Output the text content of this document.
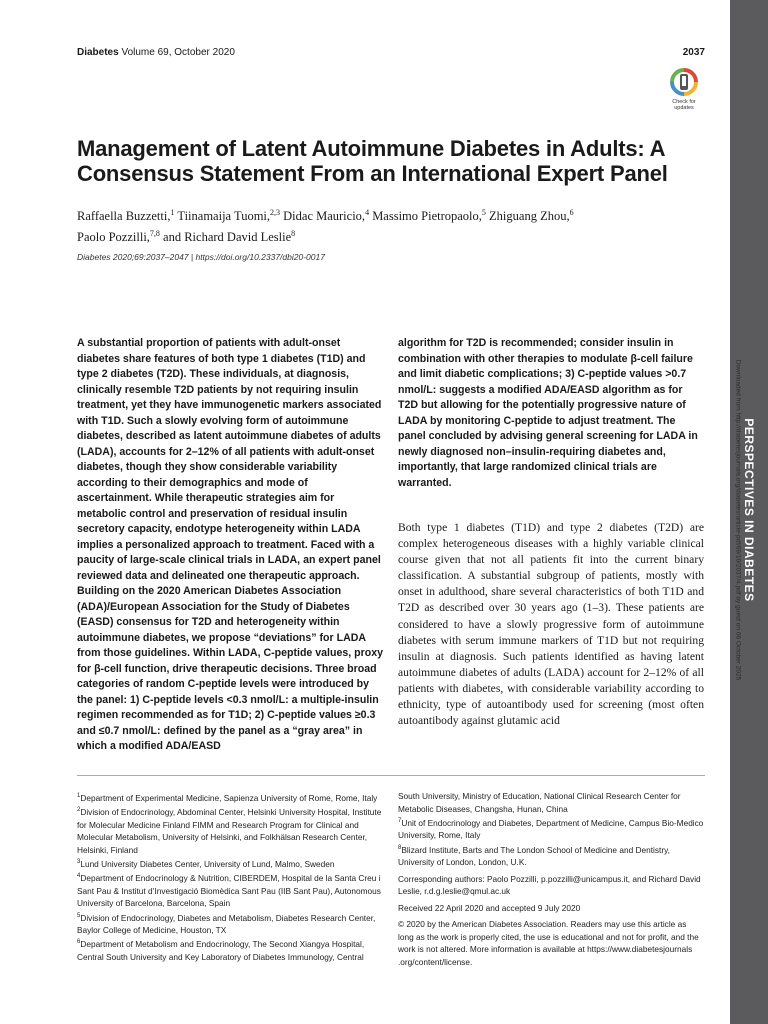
Diabetes Volume 69, October 2020	2037
Check for
updates
Management of Latent Autoimmune Diabetes in Adults: A Consensus Statement From an International Expert Panel
Raffaella Buzzetti,$^1$ Tiinamaija Tuomi,$^{2,3}$ Didac Mauricio,$^4$ Massimo Pietropaolo,$^5$ Zhiguang Zhou,$^6$
Paolo Pozzilli,$^{7,8}$ and Richard David Leslie$^8$
Diabetes 2020;69:2037–2047 | https://doi.org/10.2337/dbi20-0017
PERSPECTIVES IN DIABETES
Downloaded from http://diabetesjournals.org/diabetes/article-pdf/69/10/2037/4.pdf by guest on 06 October 2025

A substantial proportion of patients with adult-onset diabetes share features of both type 1 diabetes (T1D) and type 2 diabetes (T2D). These individuals, at diagnosis, clinically resemble T2D patients by not requiring insulin treatment, yet they have immunogenetic markers associated with T1D. Such a slowly evolving form of autoimmune diabetes, described as latent autoimmune diabetes of adults (LADA), accounts for 2–12% of all patients with adult-onset diabetes, though they show considerable variability according to their demographics and mode of ascertainment. While therapeutic strategies aim for metabolic control and preservation of residual insulin secretory capacity, endotype heterogeneity within LADA implies a personalized approach to treatment. Faced with a paucity of large-scale clinical trials in LADA, an expert panel reviewed data and delineated one therapeutic approach. Building on the 2020 American Diabetes Association (ADA)/European Association for the Study of Diabetes (EASD) consensus for T2D and heterogeneity within autoimmune diabetes, we propose “deviations” for LADA from those guidelines. Within LADA, C-peptide values, proxy for β-cell function, drive therapeutic decisions. Three broad categories of random C-peptide levels were introduced by the panel: 1) C-peptide levels <0.3 nmol/L: a multiple-insulin regimen recommended as for T1D; 2) C-peptide values ≥0.3 and ≤0.7 nmol/L: defined by the panel as a “gray area” in which a modified ADA/EASD

algorithm for T2D is recommended; consider insulin in combination with other therapies to modulate β-cell failure and limit diabetic complications; 3) C-peptide values >0.7 nmol/L: suggests a modified ADA/EASD algorithm as for T2D but allowing for the potentially progressive nature of LADA by monitoring C-peptide to adjust treatment. The panel concluded by advising general screening for LADA in newly diagnosed non–insulin-requiring diabetes and, importantly, that large randomized clinical trials are warranted.

Both type 1 diabetes (T1D) and type 2 diabetes (T2D) are complex heterogeneous diseases with a highly variable clinical course given that not all patients fit into the current binary classification. A substantial subgroup of patients, mostly with onset in adulthood, share several characteristics of both T1D and T2D as described over 30 years ago (1–3). These patients are considered to have a slowly progressive form of autoimmune diabetes with serum immune markers of T1D but not requiring insulin at diagnosis. Such patients identified as having latent autoimmune diabetes of adults (LADA) account for 2–12% of all patients with diabetes, with considerable variability according to ethnicity, type of autoantibody used for screening (most often autoantibody against glutamic acid

$^1$Department of Experimental Medicine, Sapienza University of Rome, Rome, Italy

$^2$Division of Endocrinology, Abdominal Center, Helsinki University Hospital, Institute for Molecular Medicine Finland FIMM and Research Program for Clinical and Molecular Metabolism, University of Helsinki, and Folkhälsan Research Center, Helsinki, Finland

$^3$Lund University Diabetes Center, University of Lund, Malmo, Sweden

$^4$Department of Endocrinology & Nutrition, CIBERDEM, Hospital de la Santa Creu i Sant Pau & Institut d’Investigació Biomèdica Sant Pau (IIB Sant Pau), Autonomous University of Barcelona, Barcelona, Spain

$^5$Division of Endocrinology, Diabetes and Metabolism, Diabetes Research Center, Baylor College of Medicine, Houston, TX

$^6$Department of Metabolism and Endocrinology, The Second Xiangya Hospital, Central South University and Key Laboratory of Diabetes Immunology, Central

South University, Ministry of Education, National Clinical Research Center for Metabolic Diseases, Changsha, Hunan, China

$^7$Unit of Endocrinology and Diabetes, Department of Medicine, Campus Bio-Medico University, Rome, Italy

$^8$Blizard Institute, Barts and The London School of Medicine and Dentistry, University of London, London, U.K.

Corresponding authors: Paolo Pozzilli, p.pozzilli@unicampus.it, and Richard David Leslie, r.d.g.leslie@qmul.ac.uk

Received 22 April 2020 and accepted 9 July 2020

© 2020 by the American Diabetes Association. Readers may use this article as long as the work is properly cited, the use is educational and not for profit, and the work is not altered. More information is available at https://www.diabetesjournals .org/content/license.
